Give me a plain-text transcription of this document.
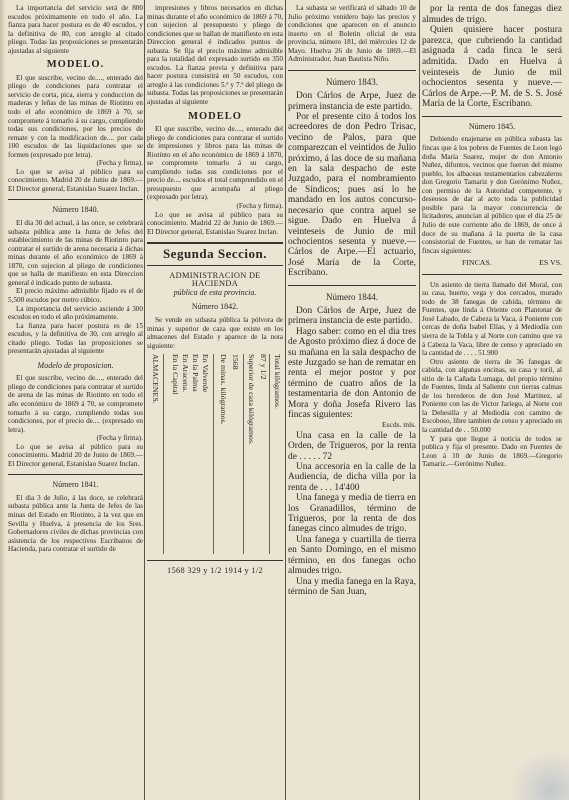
La importancia del servicio será de 800 escudos próximamente en todo el año. La fianza para hacer postura es de 40 escudos, y la definitiva de 80, con arreglo al citado pliego. Todas las proposiciones se presentarán ajustadas al siguiente

MODELO.

El que suscribe, vecino de...., enterado del pliego de condiciones para contratar el servicio de corta, pica, sierra y conduccion de maderas y leñas de las minas de Riotinto en todo el año económico de 1869 á 70, se compromete á tomarlo á su cargo, cumpliendo todas sus condiciones, por los precios de remate y con la modificacion de.... por cada 100 escudos de las liquidaciones que se formen (expresado por letra).

(Fecha y firma).

Lo que se avisa al público para su conocimiento. Madrid 20 de Junio de 1869.—El Director general, Estanislao Suarez Inclan.

Número 1840.

El dia 30 del actual, á las once, se celebrará subasta pública ante la Junta de Jefes del establecimiento de las minas de Riotinto para contratar el surtido de arena necesaria á dichas minas durante el año económico de 1869 á 1870, con sujecion al pliego de condiciones que se halla de manifiesto en esta Direccion general é indicado punto de subasta.

El precio máximo admisible fijado es el de 5,500 escudos por metro cúbico.

La importancia del servicio asciende á 300 escudos en todo el año próximamente.

La fianza para hacer postura es de 15 escudos, y la definitiva de 30, con arreglo al citado pliego. Todas las proposiciones se presentarán ajustadas al siguiente

Modelo de proposicion.

El que suscribe, vecino de...., enterado del pliego de condiciones para contratar el surtido de arena de las minas de Riotinto en todo el año económico de 1869 á 70, se compromete tomarlo á su cargo, cumpliendo todas sus condiciones, por el precio de.... (expresado en letra).

(Fecha y firma).

Lo que se avisa al público para su conocimiento. Madrid 20 de Junio de 1869.—El Director general, Estanislao Suarez Inclan.

Número 1841.

El dia 3 de Julio, á las doce, se celebrará subasta pública ante la Junta de Jefes de las minas del Estado en Riotinto, á la vez que en Sevilla y Huelva, á presencia de los Sres. Gobernadores civiles de dichas provincias con asistencia de los respectivos Escribanos de Hacienda, para contratar el surtido de

impresiones y libros necesarios en dichas minas durante el año económico de 1869 á 70, con sujecion al presupuesto y pliego de condiciones que se hallan de manifiesto en esta Direccion general é indicados puntos de subasta. Se fija el precio máximo admisible para la totalidad del expresado surtido en 350 escudos. La fianza previa y definitiva para hacer postura consistirá en 50 escudos, con arreglo á las condiciones 5.ª y 7.ª del pliego de subasta. Todas las proposiciones se presentarán ajustadas al siguiente

MODELO

El que suscribe, vecino de...., enterado del pliego de condiciones para contratar el surtido de impresiones y libros para las minas de Riotinto en el año económico de 1869 á 1870, se compromete tomarlo á su cargo, cumpliendo todas sus condiciones por el precio de.... escudos el total comprendido en el presupuesto que acompaña al pliego (expresado por letra).

(Fecha y firma).

Lo que se avisa al público para su conocimiento. Madrid 22 de Junio de 1869.—El Director general, Estanislao Suarez Inclan.

Segunda Seccion.

ADMINISTRACION DE HACIENDA

pública de esta provincia.

Número 1842.

Se vende en subasta pública la pólvora de minas y superior de caza que existe en los almacenes del Estado y aparece de la nota siguiente:

ALMACENES. En la Capital En Aracena. En la Palma En Valverde De minas. kilógramos. 1568 Superior de caza kilógramos. 87 y 1/2 Total kilógramos.

1568 329 y 1/2 1914 y 1/2

La subasta se verificará el sábado 10 de Julio próximo venidero bajo las precios y condiciones que aparecen en el anuncio inserto en el Boletin oficial de esta provincia, número 181, del miércoles 12 de Mayo. Huelva 26 de Junio de 1869.—El Administrador, Juan Bautista Niño.

Número 1843.

Don Cárlos de Arpe, Juez de primera instancia de este partido.

Por el presente cito á todos los acreedores de don Pedro Trisac, vecino de Palos, para que comparezcan el veintidos de Julio próximo, á las doce de su mañana en la sala despacho de este Juzgado, para el nombramiento de Síndicos; pues así lo he mandado en los autos concurso-necesario que contra aquel se sigue. Dado en Huelva á veinteseis de Junio de mil ochocientos sesenta y nueve.—Cárlos de Arpe.—El actuario, José María de la Corte, Escribano.

Número 1844.

Don Cárlos de Arpe, Juez de primera instancia de este partido.

Hago saber: como en el dia tres de Agosto próximo diez á doce de su mañana en la sala despacho de este Juzgado se han de rematar en renta el mejor postor y por término de cuatro años de la testamentaria de don Antonio de Mora y doña Josefa Rivero las fincas siguientes:

Escds. mls.

Una casa en la calle de la Orden, de Trigueros, por la renta de . . . . . 72

Una accesoria en la calle de la Audiencia, de dicha villa por la renta de . . . 14'400

Una fanega y media de tierra en los Granadillos, término de Trigueros, por la renta de dos fanegas cinco almudes de trigo.

Una fanega y cuartilla de tierra en Santo Domingo, en el mismo término, en dos fanegas ocho almudes trigo.

Una y media fanega en la Raya, término de San Juan,

por la renta de dos fanegas diez almudes de trigo.

Quien quisiere hacer postura parezca, que cubriendo la cantidad asignada á cada finca le será admitida. Dado en Huelva á veinteseis de Junio de mil ochocientos sesenta y nueve.—Cárlos de Arpe.—P. M. de S. S. José María de la Corte, Escribano.

Número 1845.

Debiendo enajenarse en pública subasta las fincas que á los pobres de Fuentes de Leon legó doña María Suarez, mujer de don Antonio Nuñez, difuntos, vecinos que fueron del mismo pueblo, los albaceas testamentarios cabezaleros don Gregorio Tamariz y don Gerónimo Nuñez, con permiso de la Autoridad competente, y deseosos de dar al acto toda la publicidad posible para la mayor concurrencia de licitadores, anuncian al público que el dia 25 de Julio de este corriente año de 1869, de once á doce de su mañana á la puerta de la casa consistorial de Fuentes, se han de rematar las fincas siguientes:

FINCAS.	ES VS.

Un asiento de tierra llamado del Moral, con su casa, huerto, vega y dos cercados, murado todo de 38 fanegas de cabida, término de Fuentes, que linda á Oriente con Plantonar de José Labado, de Cabeza la Vaca, á Poniente con cercas de doña Isabel Elías, y á Mediodía con sierra de la Tobla y al Norte con camino que va á Cabeza la Vaca, libre de censo y apreciado en la cantidad de . . . . 51.900

Otro asiento de tierra de 36 fanegas de cabida, con algunas encinas, su casa y toril, al sitio de la Cañada Lumaga, del propio término de Fuentes, linda al Saliente con tierras calmas de los herederos de don José Martinez, al Poniente con las de Victor Jariego, al Norte con la Dehesilla y al Mediodía con camino de Escoboso, libre tambien de censo y apreciado en la cantidad de . . 50.000

Y para que llegue á noticia de todos se publica y fija el presente. Dado en Fuentes de Leon á 10 de Junio de 1869.—Gregorio Tamariz.—Gerónimo Nuñez.
